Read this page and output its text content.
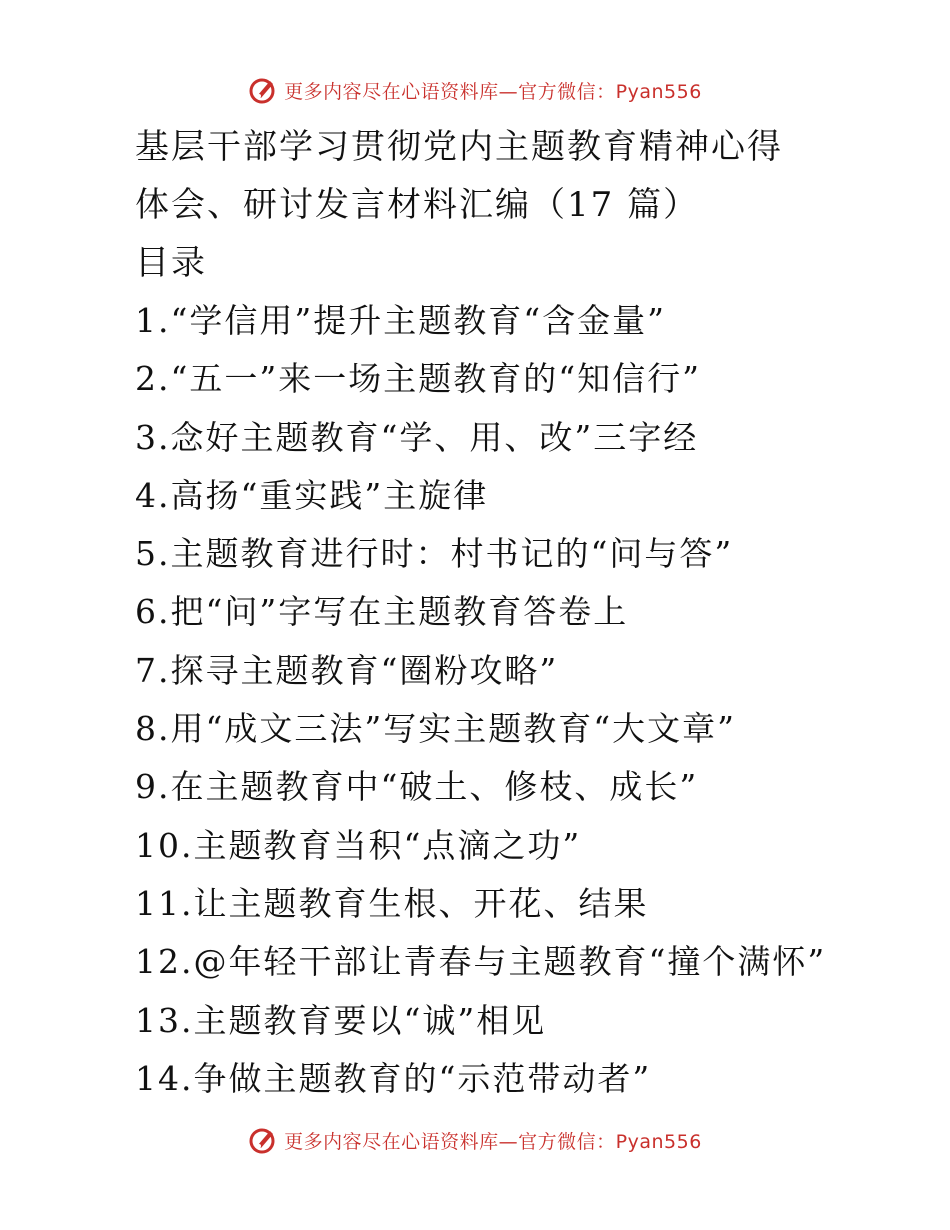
更多内容尽在心语资料库—官方微信：Pyan556
基层干部学习贯彻党内主题教育精神心得
体会、研讨发言材料汇编（17 篇）
目录
1.“学信用”提升主题教育“含金量”
2.“五一”来一场主题教育的“知信行”
3.念好主题教育“学、用、改”三字经
4.高扬“重实践”主旋律
5.主题教育进行时：村书记的“问与答”
6.把“问”字写在主题教育答卷上
7.探寻主题教育“圈粉攻略”
8.用“成文三法”写实主题教育“大文章”
9.在主题教育中“破土、修枝、成长”
10.主题教育当积“点滴之功”
11.让主题教育生根、开花、结果
12.@年轻干部让青春与主题教育“撞个满怀”
13.主题教育要以“诚”相见
14.争做主题教育的“示范带动者”
更多内容尽在心语资料库—官方微信：Pyan556
